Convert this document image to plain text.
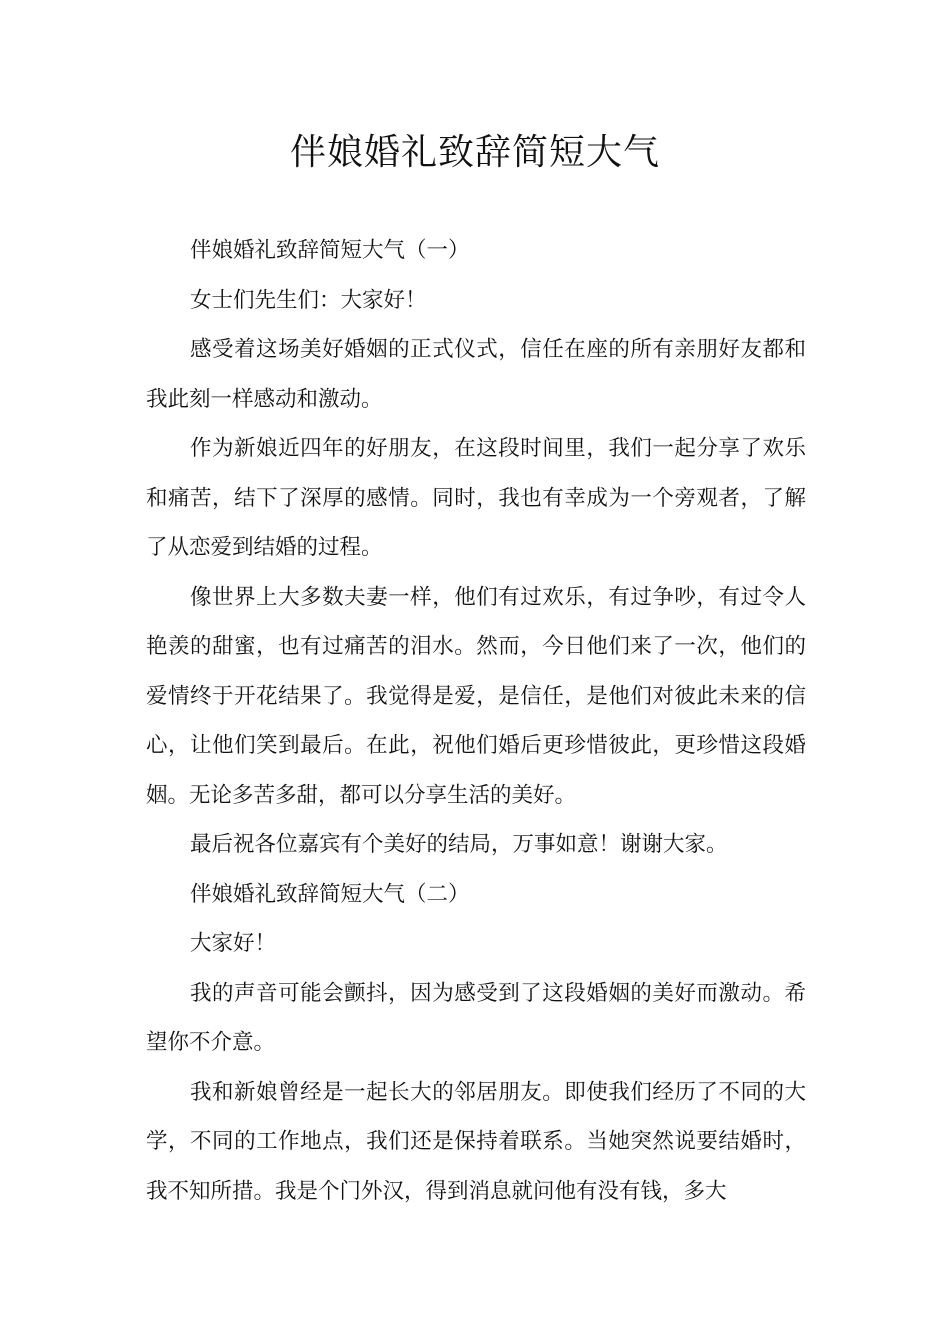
伴娘婚礼致辞简短大气

伴娘婚礼致辞简短大气（一）

女士们先生们：大家好！

感受着这场美好婚姻的正式仪式，信任在座的所有亲朋好友都和我此刻一样感动和激动。

作为新娘近四年的好朋友，在这段时间里，我们一起分享了欢乐和痛苦，结下了深厚的感情。同时，我也有幸成为一个旁观者，了解了从恋爱到结婚的过程。

像世界上大多数夫妻一样，他们有过欢乐，有过争吵，有过令人艳羡的甜蜜，也有过痛苦的泪水。然而，今日他们来了一次，他们的爱情终于开花结果了。我觉得是爱，是信任，是他们对彼此未来的信心，让他们笑到最后。在此，祝他们婚后更珍惜彼此，更珍惜这段婚姻。无论多苦多甜，都可以分享生活的美好。

最后祝各位嘉宾有个美好的结局，万事如意！谢谢大家。

伴娘婚礼致辞简短大气（二）

大家好！

我的声音可能会颤抖，因为感受到了这段婚姻的美好而激动。希望你不介意。

我和新娘曾经是一起长大的邻居朋友。即使我们经历了不同的大学，不同的工作地点，我们还是保持着联系。当她突然说要结婚时，我不知所措。我是个门外汉，得到消息就问他有没有钱，多大
